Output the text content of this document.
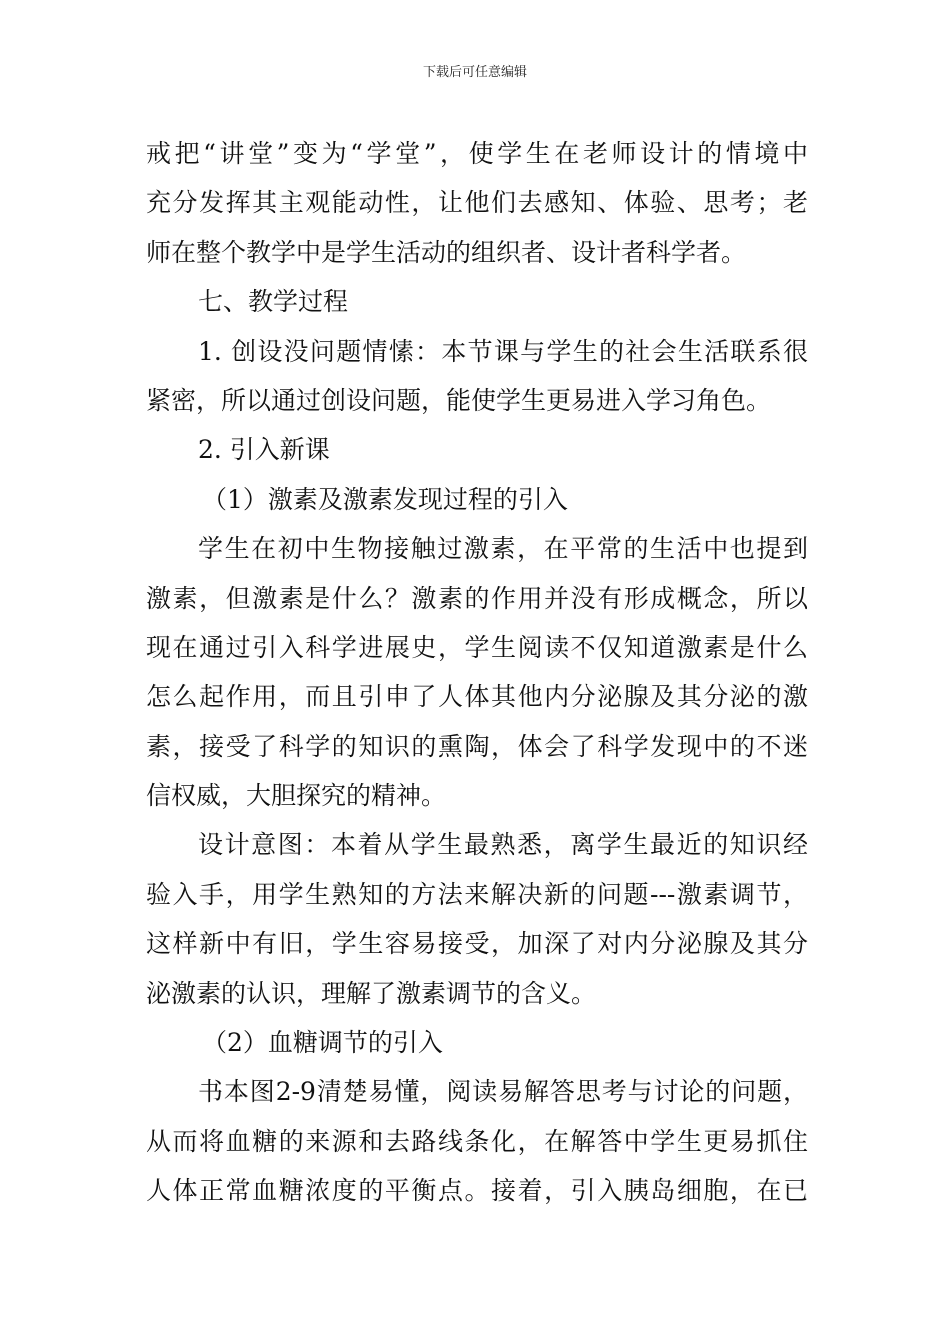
下载后可任意编辑
戒把“讲堂”变为“学堂”，使学生在老师设计的情境中
充分发挥其主观能动性，让他们去感知、体验、思考；老
师在整个教学中是学生活动的组织者、设计者科学者。
七、教学过程
1. 创设没问题情愫：本节课与学生的社会生活联系很
紧密，所以通过创设问题，能使学生更易进入学习角色。
2. 引入新课
（1）激素及激素发现过程的引入
学生在初中生物接触过激素，在平常的生活中也提到
激素，但激素是什么？激素的作用并没有形成概念，所以
现在通过引入科学进展史，学生阅读不仅知道激素是什么
怎么起作用，而且引申了人体其他内分泌腺及其分泌的激
素，接受了科学的知识的熏陶，体会了科学发现中的不迷
信权威，大胆探究的精神。
设计意图：本着从学生最熟悉，离学生最近的知识经
验入手，用学生熟知的方法来解决新的问题---激素调节，
这样新中有旧，学生容易接受，加深了对内分泌腺及其分
泌激素的认识，理解了激素调节的含义。
（2）血糖调节的引入
书本图2-9清楚易懂，阅读易解答思考与讨论的问题，
从而将血糖的来源和去路线条化，在解答中学生更易抓住
人体正常血糖浓度的平衡点。接着，引入胰岛细胞，在已
